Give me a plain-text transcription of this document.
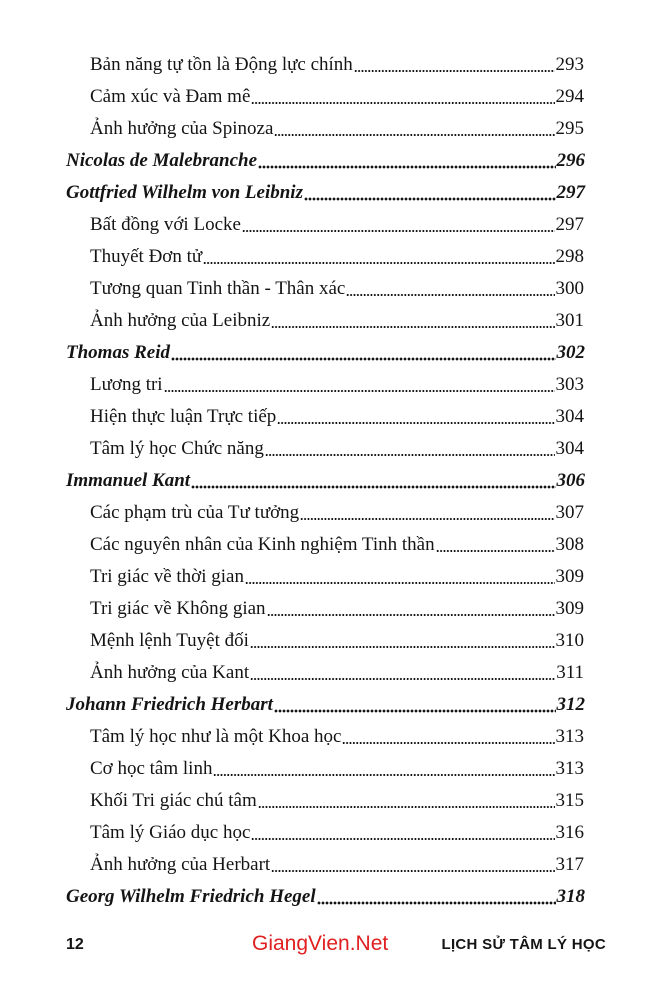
Bản năng tự tồn là Động lực chính	293
Cảm xúc và Đam mê	294
Ảnh hưởng của Spinoza	295
Nicolas de Malebranche	296
Gottfried Wilhelm von Leibniz	297
Bất đồng với Locke	297
Thuyết Đơn tử	298
Tương quan Tinh thần - Thân xác	300
Ảnh hưởng của Leibniz	301
Thomas Reid	302
Lương tri	303
Hiện thực luận Trực tiếp	304
Tâm lý học Chức năng	304
Immanuel Kant	306
Các phạm trù của Tư tưởng	307
Các nguyên nhân của Kinh nghiệm Tinh thần	308
Tri giác về thời gian	309
Tri giác về Không gian	309
Mệnh lệnh Tuyệt đối	310
Ảnh hưởng của Kant	311
Johann Friedrich Herbart	312
Tâm lý học như là một Khoa học	313
Cơ học tâm linh	313
Khối Tri giác chú tâm	315
Tâm lý Giáo dục học	316
Ảnh hưởng của Herbart	317
Georg Wilhelm Friedrich Hegel	318
12	GiangVien.Net	LỊCH SỬ TÂM LÝ HỌC
